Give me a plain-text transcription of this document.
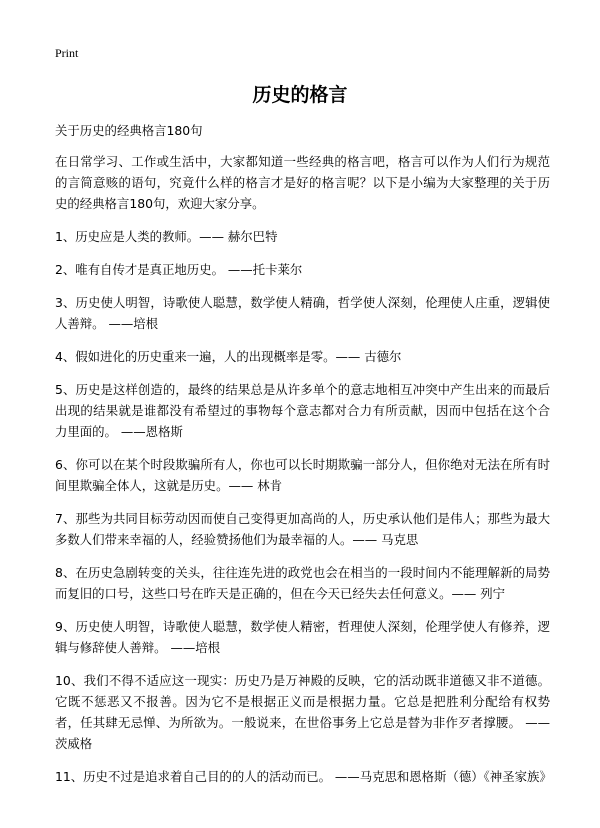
Print
历史的格言

关于历史的经典格言180句

在日常学习、工作或生活中，大家都知道一些经典的格言吧，格言可以作为人们行为规范的言简意赅的语句，究竟什么样的格言才是好的格言呢？以下是小编为大家整理的关于历史的经典格言180句，欢迎大家分享。

1、历史应是人类的教师。—— 赫尔巴特

2、唯有自传才是真正地历史。 ——托卡莱尔

3、历史使人明智，诗歌使人聪慧，数学使人精确，哲学使人深刻，伦理使人庄重，逻辑使人善辩。 ——培根

4、假如进化的历史重来一遍，人的出现概率是零。—— 古德尔

5、历史是这样创造的，最终的结果总是从许多单个的意志地相互冲突中产生出来的而最后出现的结果就是谁都没有希望过的事物每个意志都对合力有所贡献，因而中包括在这个合力里面的。 ——恩格斯

6、你可以在某个时段欺骗所有人，你也可以长时期欺骗一部分人，但你绝对无法在所有时间里欺骗全体人，这就是历史。—— 林肯

7、那些为共同目标劳动因而使自己变得更加高尚的人，历史承认他们是伟人；那些为最大多数人们带来幸福的人，经验赞扬他们为最幸福的人。—— 马克思

8、在历史急剧转变的关头，往往连先进的政党也会在相当的一段时间内不能理解新的局势而复旧的口号，这些口号在昨天是正确的，但在今天已经失去任何意义。—— 列宁

9、历史使人明智，诗歌使人聪慧，数学使人精密，哲理使人深刻，伦理学使人有修养，逻辑与修辞使人善辩。 ——培根

10、我们不得不适应这一现实：历史乃是万神殿的反映，它的活动既非道德又非不道德。它既不惩恶又不报善。因为它不是根据正义而是根据力量。它总是把胜利分配给有权势者，任其肆无忌惮、为所欲为。一般说来，在世俗事务上它总是替为非作歹者撑腰。 ——茨威格

11、历史不过是追求着自己目的的人的活动而已。 ——马克思和恩格斯（德）《神圣家族》
